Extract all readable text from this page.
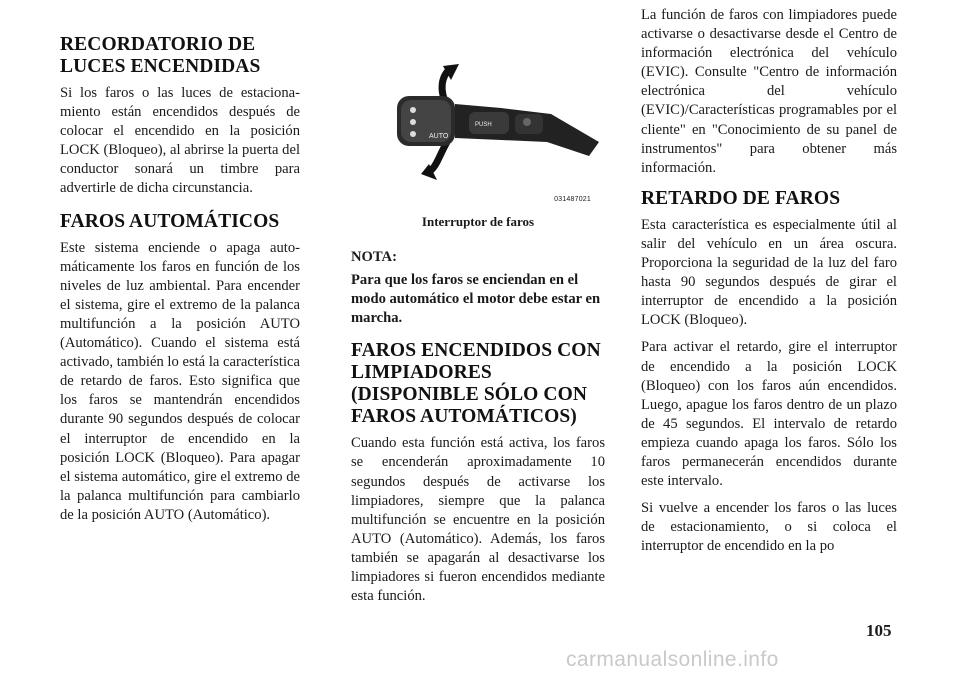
RECORDATORIO DE
LUCES ENCENDIDAS

Si los faros o las luces de estacionamiento están encendidos después de colocar el encendido en la posición LOCK (Bloqueo), al abrirse la puerta del conductor sonará un timbre para advertirle de dicha circunstancia.

FAROS AUTOMÁTICOS

Este sistema enciende o apaga automáticamente los faros en función de los niveles de luz ambiental. Para encender el sistema, gire el extremo de la palanca multifunción a la posición AUTO (Automático). Cuando el sistema está activado, también lo está la característica de retardo de faros. Esto significa que los faros se mantendrán encendidos durante 90 segundos después de colocar el interruptor de encendido en la posición LOCK (Bloqueo). Para apagar el sistema automático, gire el extremo de la palanca multifunción para cambiarlo de la posición AUTO (Automático).

AUTO
PUSH
031487021
Interruptor de faros

NOTA:

Para que los faros se enciendan en el modo automático el motor debe estar en marcha.

FAROS ENCENDIDOS CON
LIMPIADORES
(DISPONIBLE SÓLO CON
FAROS AUTOMÁTICOS)

Cuando esta función está activa, los faros se encenderán aproximadamente 10 segundos después de activarse los limpiadores, siempre que la palanca multifunción se encuentre en la posición AUTO (Automático). Además, los faros también se apagarán al desactivarse los limpiadores si fueron encendidos mediante esta función.

La función de faros con limpiadores puede activarse o desactivarse desde el Centro de información electrónica del vehículo (EVIC). Consulte "Centro de información electrónica del vehículo (EVIC)/Características programables por el cliente" en "Conocimiento de su panel de instrumentos" para obtener más información.

RETARDO DE FAROS

Esta característica es especialmente útil al salir del vehículo en un área oscura. Proporciona la seguridad de la luz del faro hasta 90 segundos después de girar el interruptor de encendido a la posición LOCK (Bloqueo).

Para activar el retardo, gire el interruptor de encendido a la posición LOCK (Bloqueo) con los faros aún encendidos. Luego, apague los faros dentro de un plazo de 45 segundos. El intervalo de retardo empieza cuando apaga los faros. Sólo los faros permanecerán encendidos durante este intervalo.

Si vuelve a encender los faros o las luces de estacionamiento, o si coloca el interruptor de encendido en la po

105
carmanualsonline.info
